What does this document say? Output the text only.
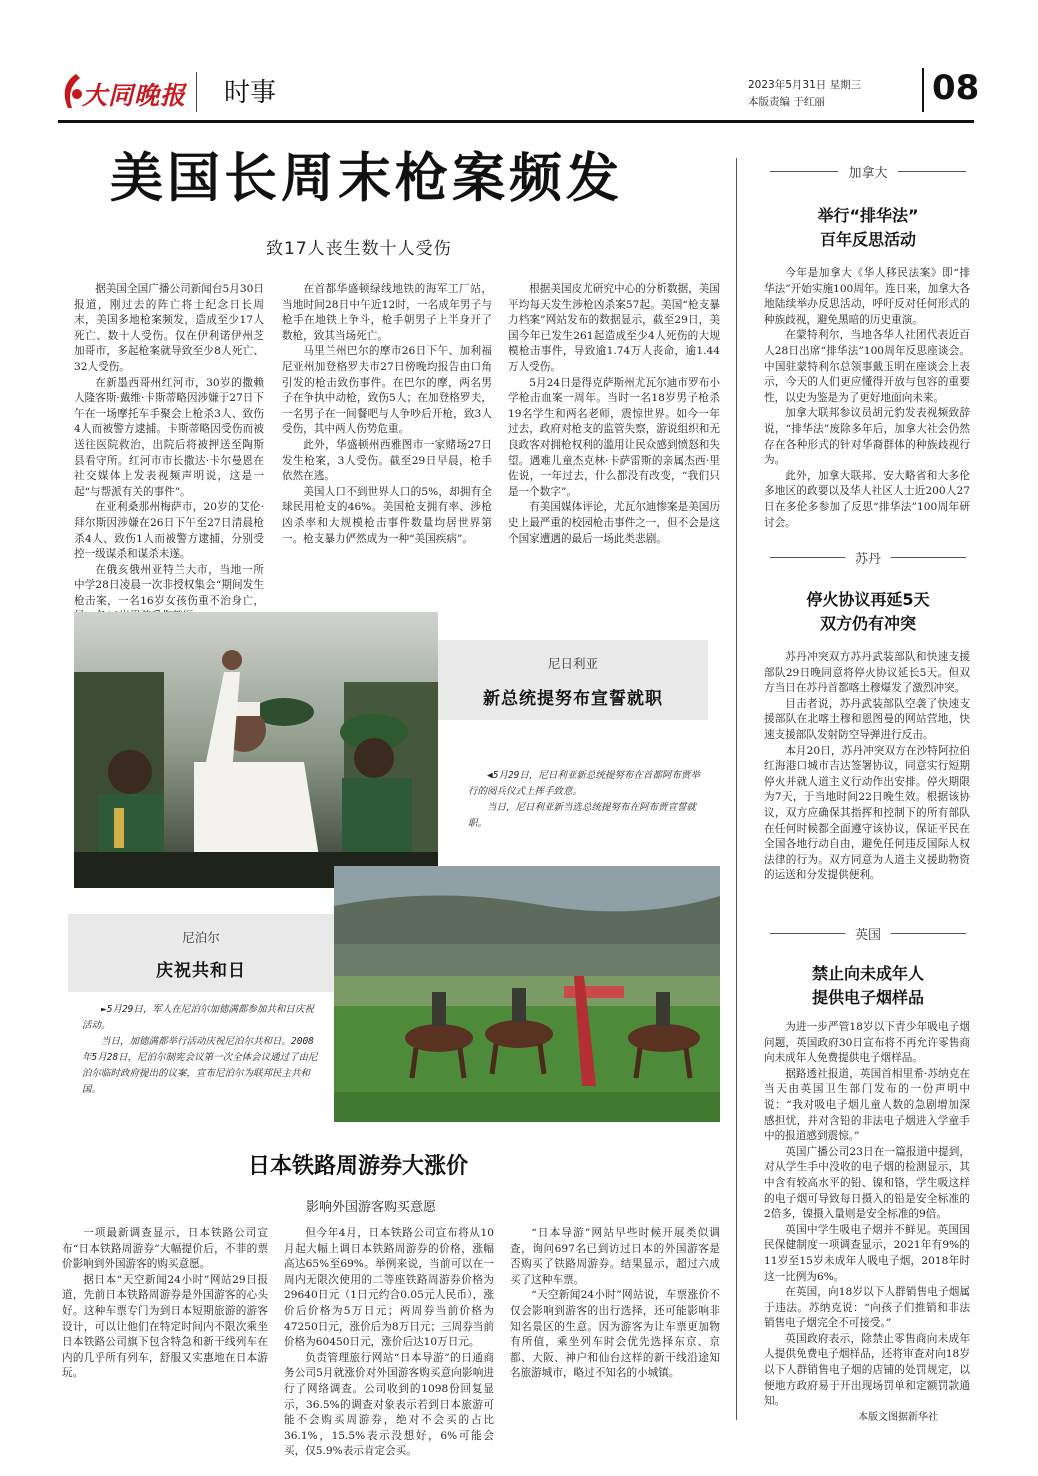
大同晚报 时事	2023年5月31日 星期三
本版责编 于红丽	08
美国长周末枪案频发
致17人丧生数十人受伤

据美国全国广播公司新闻台5月30日报道，刚过去的阵亡将士纪念日长周末，美国多地枪案频发，造成至少17人死亡、数十人受伤。仅在伊利诺伊州芝加哥市，多起枪案就导致至少8人死亡、32人受伤。

在新墨西哥州红河市，30岁的撒赖人隆客斯·戴维·卡斯蒂略因涉嫌于27日下午在一场摩托车手聚会上枪杀3人、致伤4人而被警方逮捕。卡斯蒂略因受伤而被送往医院救治，出院后将被押送至陶斯县看守所。红河市市长撒达·卡尔曼恩在社交媒体上发表视频声明说，这是一起“与帮派有关的事件”。

在亚利桑那州梅萨市，20岁的艾伦·拜尔斯因涉嫌在26日下午至27日清晨枪杀4人、致伤1人而被警方逮捕，分别受控一级谋杀和谋杀未遂。

在俄亥俄州亚特兰大市，当地一所中学28日凌晨一次非授权集会“期间发生枪击案，一名16岁女孩伤重不治身亡，

在首都华盛顿绿线地铁的海军工厂站，当地时间28日中午近12时，一名成年男子与枪手在地铁上争斗，枪手朝男子上半身开了数枪，致其当场死亡。

马里兰州巴尔的摩市26日下午、加利福尼亚州加登格罗夫市27日傍晚均报告由口角引发的枪击致伤事件。在巴尔的摩，两名男子在争执中动枪，致伤5人；在加登格罗夫，一名男子在一间餐吧与人争吵后开枪，致3人受伤，其中两人伤势危重。

此外，华盛顿州西雅图市一家赌场27日发生枪案，3人受伤。截至29日早晨，枪手依然在逃。

美国人口不到世界人口的5%，却拥有全球民用枪支的46%。美国枪支拥有率、涉枪凶杀率和大规模枪击事件数量均居世界第一。枪支暴力俨然成为一种“美国疾病”。

根据美国皮尤研究中心的分析数据，美国平均每天发生涉枪凶杀案57起。美国“枪支暴力档案”网站发布的数据显示，截至29日，美国今年已发生261起造成至少4人死伤的大规模枪击事件，导致逾1.74万人丧命，逾1.44万人受伤。

5月24日是得克萨斯州尤瓦尔迪市罗布小学枪击血案一周年。当时一名18岁男子枪杀19名学生和两名老师，震惊世界。如今一年过去，政府对枪支的监管失察，游说组织和无良政客对拥枪权利的滥用让民众感到愤怒和失望。遇难儿童杰克林·卡萨雷斯的亲属杰西·里佐说，一年过去，什么都没有改变，“我们只是一个数字”。

有美国媒体评论，尤瓦尔迪惨案是美国历史上最严重的校园枪击事件之一，但不会是这个国家遭遇的最后一场此类悲剧。

尼日利亚
新总统提努布宣誓就职

◀5月29日，尼日利亚新总统提努布在首都阿布贾举行的阅兵仪式上挥手致意。

当日，尼日利亚新当选总统提努布在阿布贾宣誓就职。

尼泊尔
庆祝共和日

►5月29日，军人在尼泊尔加德满都参加共和日庆祝活动。

当日，加德满都举行活动庆祝尼泊尔共和日。2008年5月28日，尼泊尔制宪会议第一次全体会议通过了由尼泊尔临时政府提出的议案，宣布尼泊尔为联邦民主共和国。

日本铁路周游券大涨价
影响外国游客购买意愿

一项最新调查显示，日本铁路公司宣布“日本铁路周游券”大幅提价后，不菲的票价影响到外国游客的购买意愿。

据日本“天空新闻24小时”网站29日报道，先前日本铁路周游券是外国游客的心头好。这种车票专门为到日本短期旅游的游客设计，可以让他们在特定时间内不限次乘坐日本铁路公司旗下包含特急和新干线列车在内的几乎所有列车，舒服又实惠地在日本游玩。

但今年4月，日本铁路公司宣布将从10月起大幅上调日本铁路周游券的价格，涨幅高达65%至69%。举例来说，当前可以在一周内无限次使用的二等座铁路周游券价格为29640日元（1日元约合0.05元人民币），涨价后价格为5万日元；两周券当前价格为47250日元，涨价后为8万日元；三周券当前价格为60450日元，涨价后达10万日元。

负责管理旅行网站“日本导游”的日通商务公司5月就涨价对外国游客购买意向影响进行了网络调查。公司收到的1098份回复显示，36.5%的调查对象表示若到日本旅游可能不会购买周游券，绝对不会买的占比36.1%，15.5%表示没想好，6%可能会买，仅5.9%表示肯定会买。

“日本导游”网站早些时候开展类似调查，询问697名已到访过日本的外国游客是否购买了铁路周游券。结果显示，超过六成买了这种车票。

“天空新闻24小时”网站说，车票涨价不仅会影响到游客的出行选择，还可能影响非知名景区的生意。因为游客为让车票更加物有所值，乘坐列车时会优先选择东京、京都、大阪、神户和仙台这样的新干线沿途知名旅游城市，略过不知名的小城镇。

加拿大
举行“排华法”
百年反思活动

今年是加拿大《华人移民法案》即“排华法”开始实施100周年。连日来，加拿大各地陆续举办反思活动，呼吁反对任何形式的种族歧视，避免黑暗的历史重演。

在蒙特利尔，当地各华人社团代表近百人28日出席“排华法”100周年反思座谈会。中国驻蒙特利尔总领事戴玉明在座谈会上表示，今天的人们更应懂得开放与包容的重要性，以史为鉴是为了更好地面向未来。

加拿大联邦参议员胡元豹发表视频致辞说，“排华法”废除多年后，加拿大社会仍然存在各种形式的针对华裔群体的种族歧视行为。

此外，加拿大联邦、安大略省和大多伦多地区的政要以及华人社区人士近200人27日在多伦多参加了反思“排华法”100周年研讨会。

苏丹
停火协议再延5天
双方仍有冲突

苏丹冲突双方苏丹武装部队和快速支援部队29日晚同意将停火协议延长5天。但双方当日在苏丹首都喀土穆爆发了激烈冲突。

目击者说，苏丹武装部队空袭了快速支援部队在北喀土穆和恩图曼的网站营地，快速支援部队发射防空导弹进行反击。

本月20日，苏丹冲突双方在沙特阿拉伯红海港口城市吉达签署协议，同意实行短期停火并就人道主义行动作出安排。停火期限为7天，于当地时间22日晚生效。根据该协议，双方应确保其指挥和控制下的所有部队在任何时候都全面遵守该协议，保证平民在全国各地行动自由，避免任何违反国际人权法律的行为。双方同意为人道主义援助物资的运送和分发提供便利。

英国
禁止向未成年人
提供电子烟样品

为进一步严管18岁以下青少年吸电子烟问题，英国政府30日宣布将不再允许零售商向未成年人免费提供电子烟样品。

据路透社报道，英国首相里希·苏纳克在当天由英国卫生部门发布的一份声明中说：“我对吸电子烟儿童人数的急剧增加深感担忧，并对含铅的非法电子烟进入学童手中的报道感到震惊。”

英国广播公司23日在一篇报道中提到，对从学生手中没收的电子烟的检测显示，其中含有较高水平的铅、镍和铬，学生吸这样的电子烟可导致每日摄入的铅是安全标准的2倍多，镍摄入量则是安全标准的9倍。

英国中学生吸电子烟并不鲜见。英国国民保健制度一项调查显示，2021年有9%的11岁至15岁未成年人吸电子烟，2018年时这一比例为6%。

在英国，向18岁以下人群销售电子烟属于违法。苏纳克说：“向孩子们推销和非法销售电子烟完全不可接受。”

英国政府表示，除禁止零售商向未成年人提供免费电子烟样品，还将审查对向18岁以下人群销售电子烟的店铺的处罚规定，以便地方政府易于开出现场罚单和定额罚款通知。

本版文图据新华社
